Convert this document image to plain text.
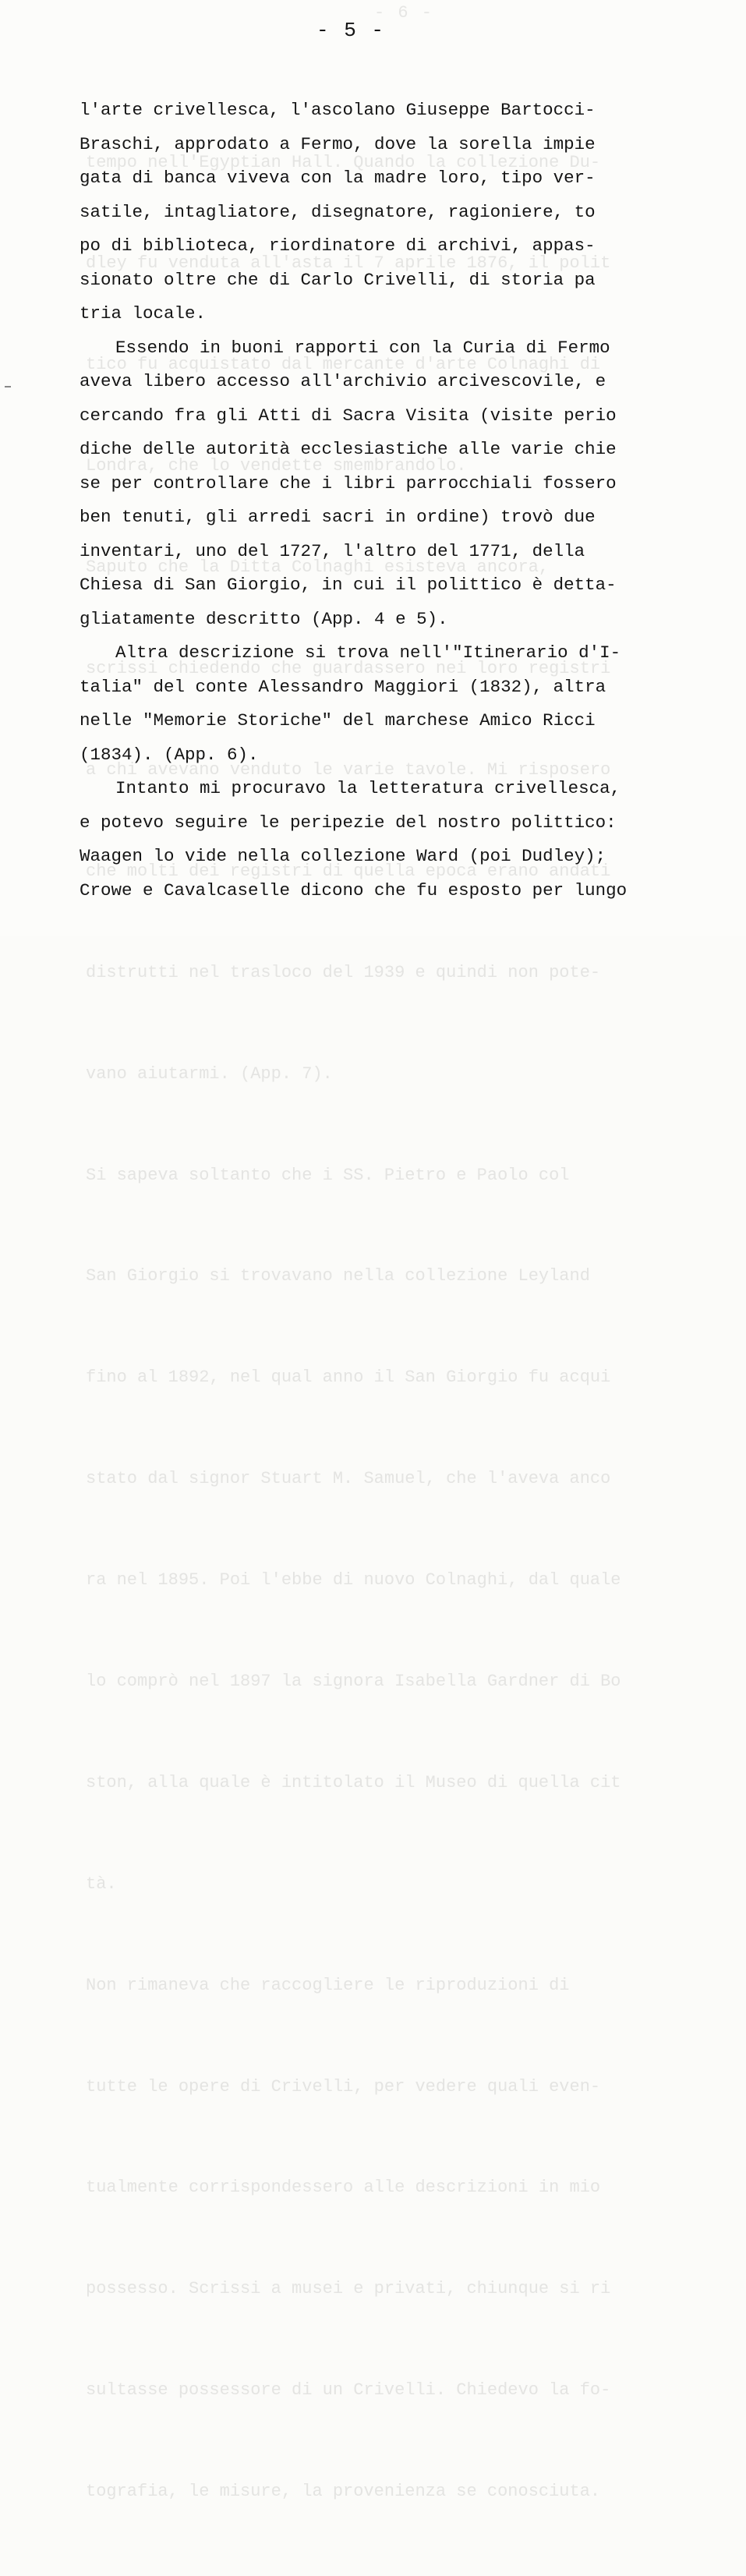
- 6 -

tempo nell'Egyptian Hall. Quando la collezione Du-

dley fu venduta all'asta il 7 aprile 1876, il polit

tico fu acquistato dal mercante d'arte Colnaghi di

Londra, che lo vendette smembrandolo.

Saputo che la Ditta Colnaghi esisteva ancora,

scrissi chiedendo che guardassero nei loro registri

a chi avevano venduto le varie tavole. Mi risposero

che molti dei registri di quella epoca erano andati

distrutti nel trasloco del 1939 e quindi non pote-

vano aiutarmi. (App. 7).

Si sapeva soltanto che i SS. Pietro e Paolo col

San Giorgio si trovavano nella collezione Leyland

fino al 1892, nel qual anno il San Giorgio fu acqui

stato dal signor Stuart M. Samuel, che l'aveva anco

ra nel 1895. Poi l'ebbe di nuovo Colnaghi, dal quale

lo comprò nel 1897 la signora Isabella Gardner di Bo

ston, alla quale è intitolato il Museo di quella cit

tà.

Non rimaneva che raccogliere le riproduzioni di

tutte le opere di Crivelli, per vedere quali even-

tualmente corrispondessero alle descrizioni in mio

possesso. Scrissi a musei e privati, chiunque si ri

sultasse possessore di un Crivelli. Chiedevo la fo-

tografia, le misure, la provenienza se conosciuta.

- 5 -
l'arte crivellesca, l'ascolano Giuseppe Bartocci-
Braschi, approdato a Fermo, dove la sorella impie
gata di banca viveva con la madre loro, tipo ver-
satile, intagliatore, disegnatore, ragioniere, to
po di biblioteca, riordinatore di archivi, appas-
sionato oltre che di Carlo Crivelli, di storia pa
tria locale.
Essendo in buoni rapporti con la Curia di Fermo
aveva libero accesso all'archivio arcivescovile, e
cercando fra gli Atti di Sacra Visita (visite perio
diche delle autorità ecclesiastiche alle varie chie
se per controllare che i libri parrocchiali fossero
ben tenuti, gli arredi sacri in ordine) trovò due
inventari, uno del 1727, l'altro del 1771, della
Chiesa di San Giorgio, in cui il polittico è detta-
gliatamente descritto (App. 4 e 5).
Altra descrizione si trova nell'"Itinerario d'I-
talia" del conte Alessandro Maggiori (1832), altra
nelle "Memorie Storiche" del marchese Amico Ricci
(1834). (App. 6).
Intanto mi procuravo la letteratura crivellesca,
e potevo seguire le peripezie del nostro polittico:
Waagen lo vide nella collezione Ward (poi Dudley);
Crowe e Cavalcaselle dicono che fu esposto per lungo
